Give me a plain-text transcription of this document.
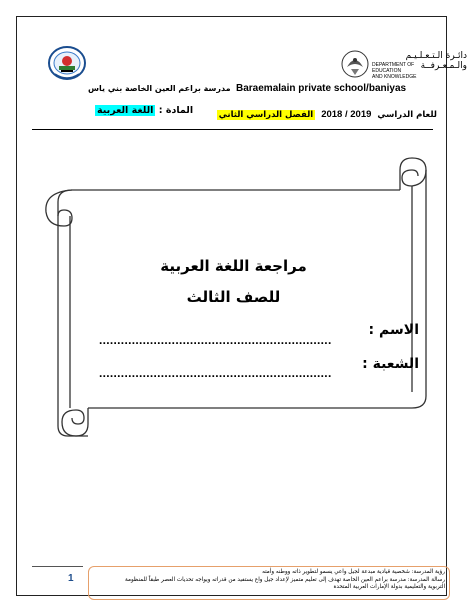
دائـرة الـتـعـلـيـم والـمـعـرفــة
DEPARTMENT OF EDUCATION
AND KNOWLEDGE
Baraemalain private school/baniyas
مدرسة براعم العين الخاصة بني ياس
للعام الدراسي 2019 / 2018 الفصل الدراسي الثاني
المادة : اللغة العربية
مراجعة اللغة العربية
للصف الثالث
الاسم :
................................................................
الشعبة :
................................................................
1
رؤية المدرسة: شخصية قيادية مبدعة لجيل واعي يسمو لتطوير ذاته ووطنه وأمته
رسالة المدرسة: مدرسة براعم العين الخاصة تهدف إلى تعليم متميز لإعداد جيل واع يستفيد من قدراته ويواجه تحديات العصر طبقاً للمنظومة
التربوية والتعليمية بدولة الإمارات العربية المتحدة
